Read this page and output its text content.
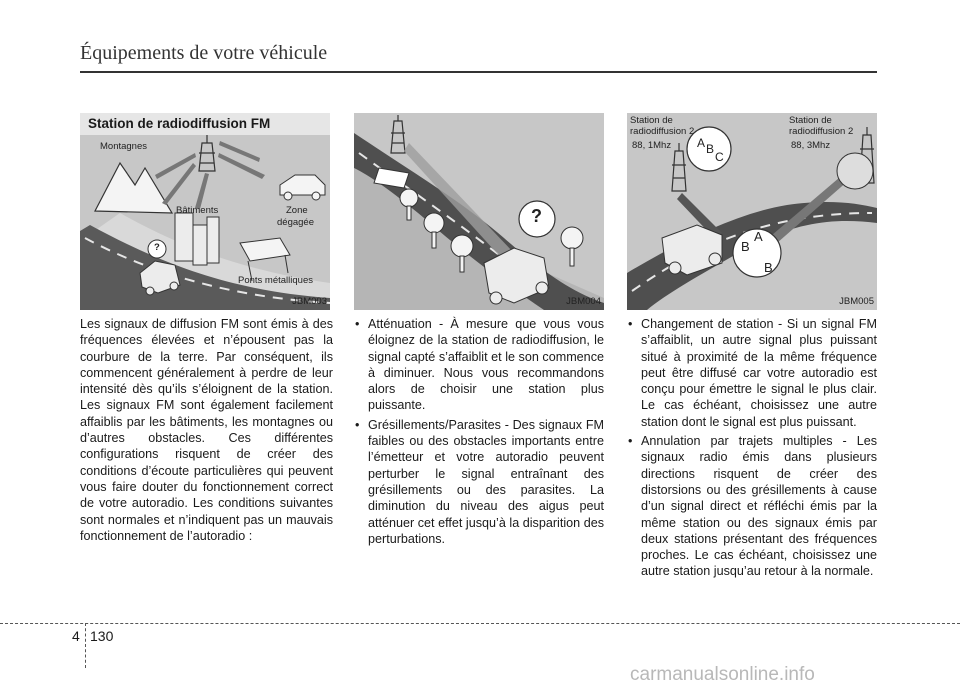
Équipements de votre véhicule
Station de radiodiffusion FM
Montagnes
Bâtiments	Zone
dégagée
Ponts métalliques
?
JBM003
?
JBM004
Station de
radiodiffusion 2
88, 1Mhz
Station de
radiodiffusion 2
88, 3Mhz
A B
C
A
B
B
JBM005

Les signaux de diffusion FM sont émis à des fréquences élevées et n’épousent pas la courbure de la terre. Par conséquent, ils commencent généralement à perdre de leur intensité dès qu’ils s’éloignent de la station. Les signaux FM sont également facilement affaiblis par les bâtiments, les montagnes ou d’autres obstacles. Ces différentes configurations risquent de créer des conditions d’écoute particulières qui peuvent vous faire douter du fonctionnement correct de votre autoradio. Les conditions suivantes sont normales et n’indiquent pas un mauvais fonctionnement de l’autoradio :

• Atténuation - À mesure que vous vous éloignez de la station de radiodiffusion, le signal capté s’affaiblit et le son commence à diminuer. Nous vous recommandons alors de choisir une station plus puissante.
• Grésillements/Parasites - Des signaux FM faibles ou des obstacles importants entre l’émetteur et votre autoradio peuvent perturber le signal entraînant des grésillements ou des parasites. La diminution du niveau des aigus peut atténuer cet effet jusqu’à la disparition des perturbations.
• Changement de station - Si un signal FM s’affaiblit, un autre signal plus puissant situé à proximité de la même fréquence peut être diffusé car votre autoradio est conçu pour émettre le signal le plus clair. Le cas échéant, choisissez une autre station dont le signal est plus puissant.
• Annulation par trajets multiples - Les signaux radio émis dans plusieurs directions risquent de créer des distorsions ou des grésillements à cause d’un signal direct et réfléchi émis par la même station ou des signaux émis par deux stations présentant des fréquences proches. Le cas échéant, choisissez une autre station jusqu’au retour à la normale.
4 130
carmanualsonline.info
